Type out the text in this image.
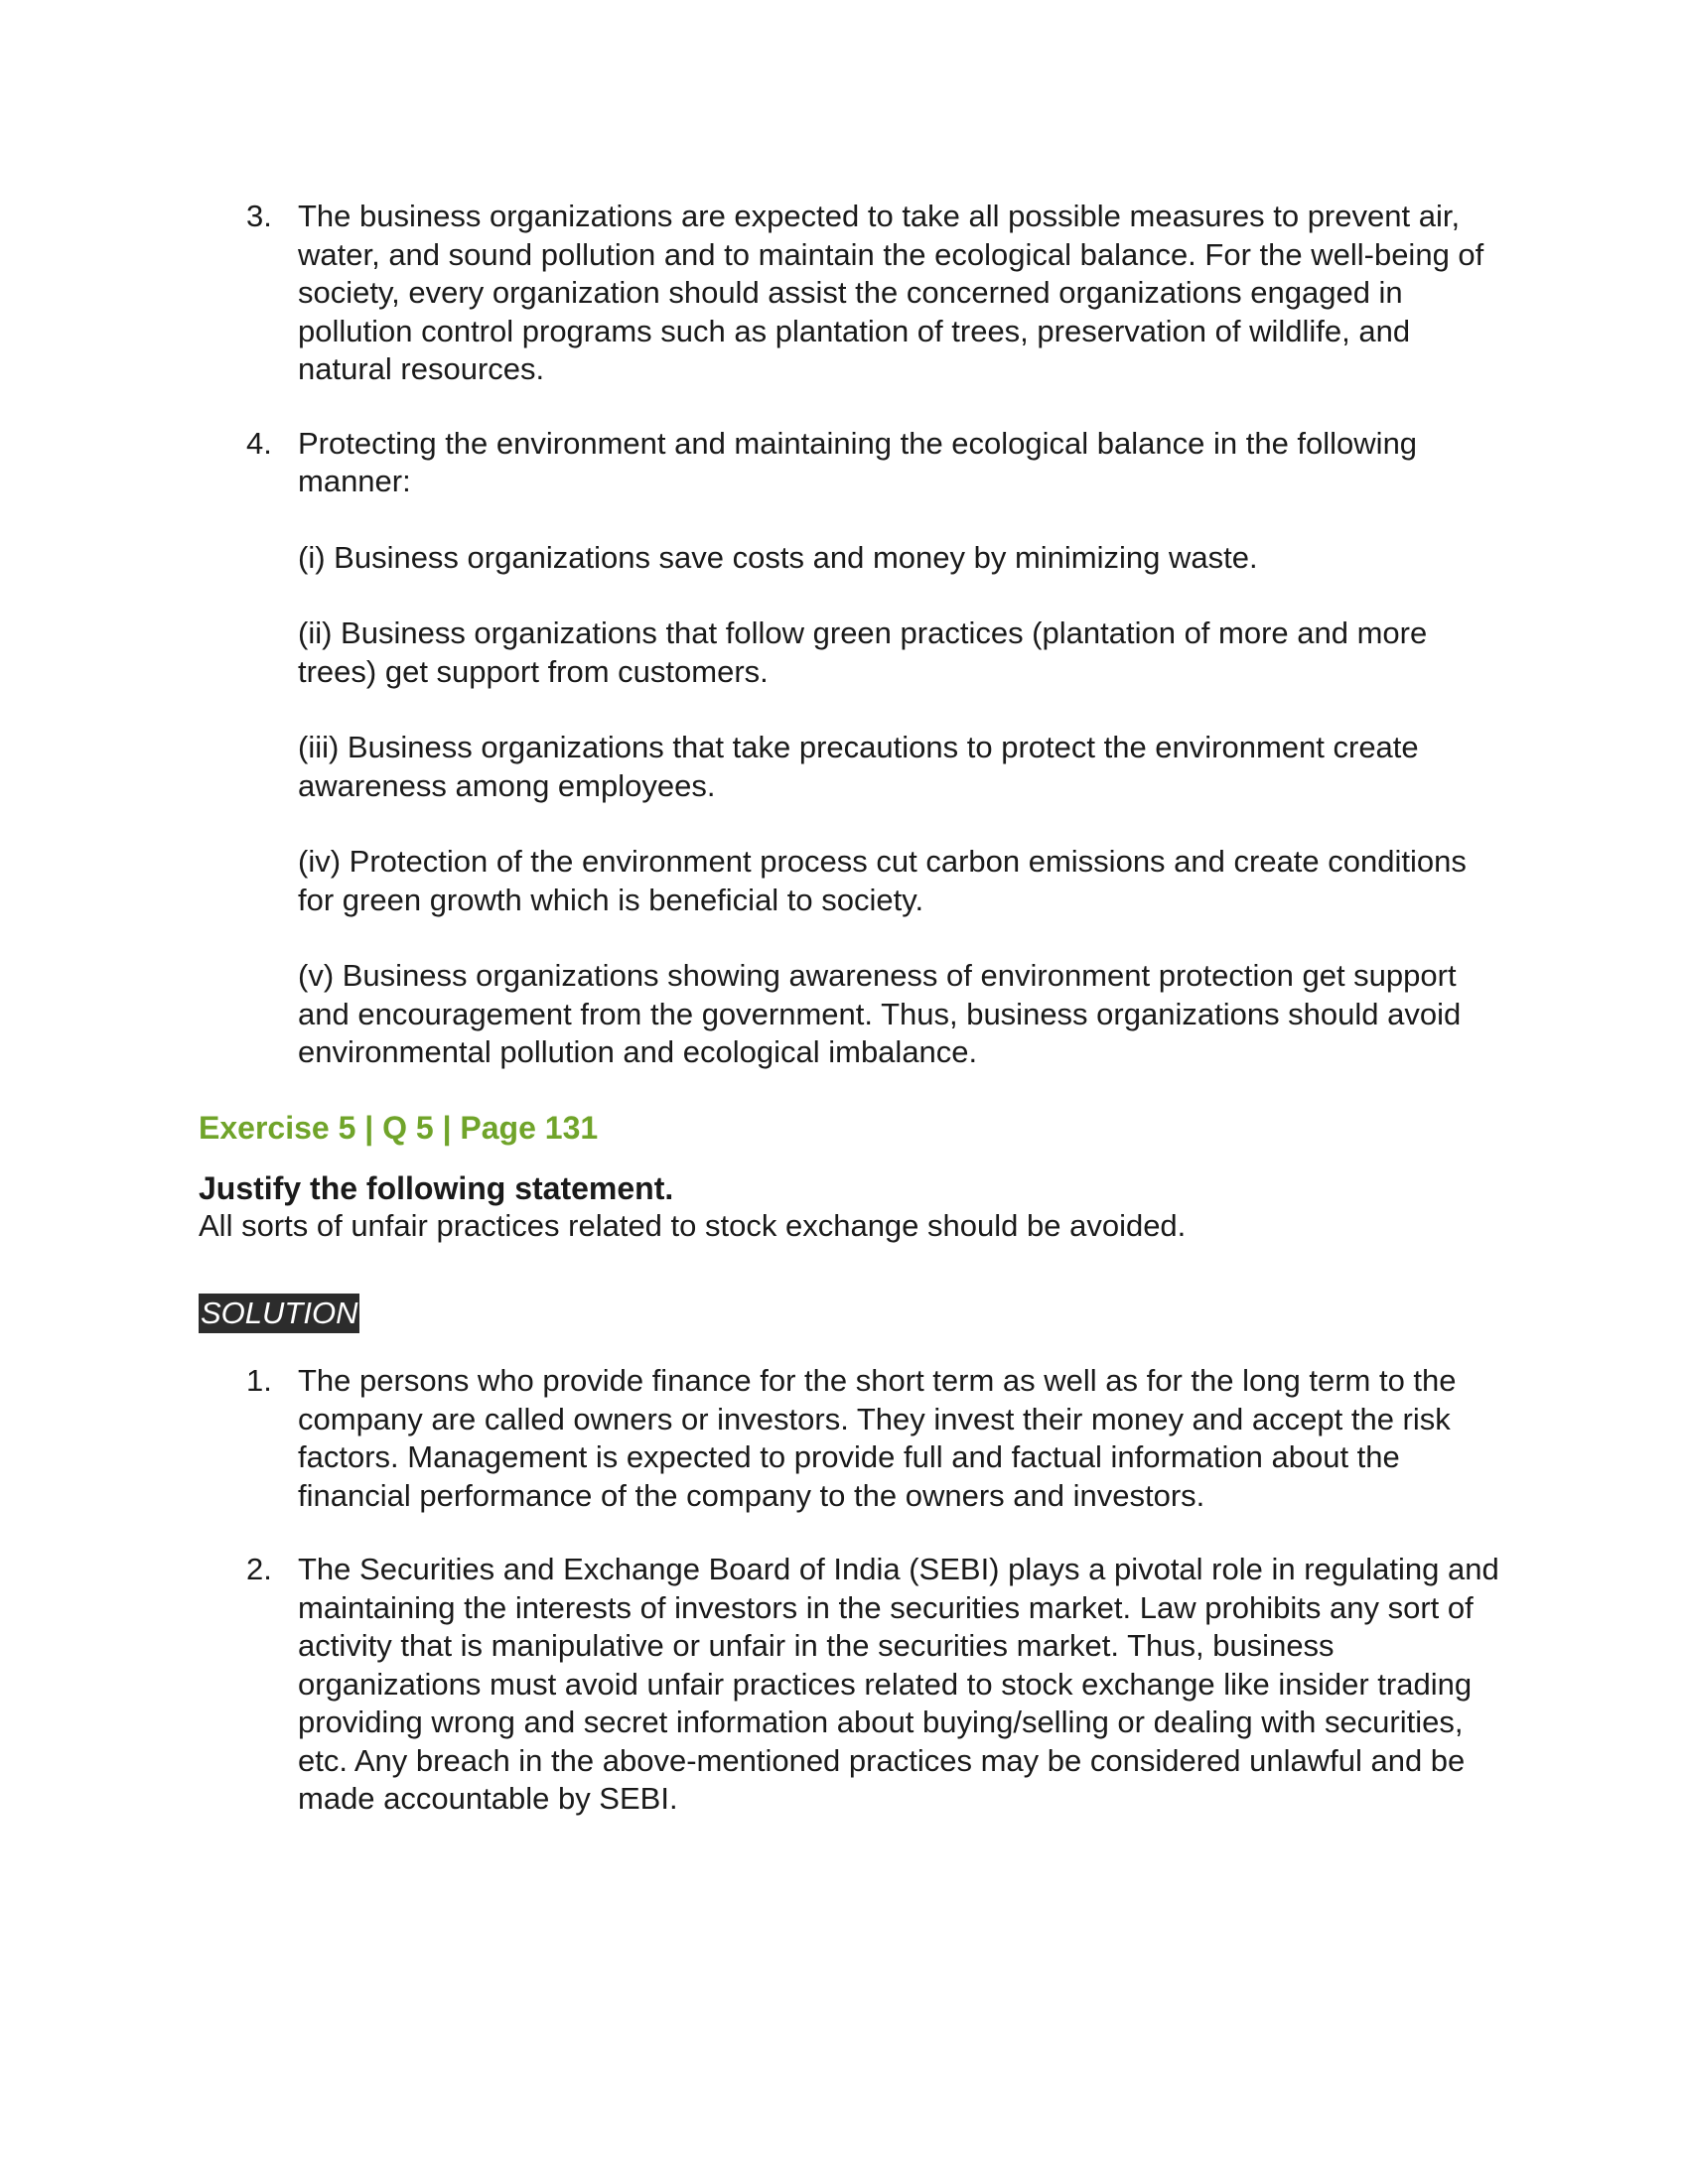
3. The business organizations are expected to take all possible measures to prevent air, water, and sound pollution and to maintain the ecological balance. For the well-being of society, every organization should assist the concerned organizations engaged in pollution control programs such as plantation of trees, preservation of wildlife, and natural resources.

4. Protecting the environment and maintaining the ecological balance in the following manner:

(i) Business organizations save costs and money by minimizing waste.

(ii) Business organizations that follow green practices (plantation of more and more trees) get support from customers.

(iii) Business organizations that take precautions to protect the environment create awareness among employees.

(iv) Protection of the environment process cut carbon emissions and create conditions for green growth which is beneficial to society.

(v) Business organizations showing awareness of environment protection get support and encouragement from the government. Thus, business organizations should avoid environmental pollution and ecological imbalance.

Exercise 5 | Q 5 | Page 131

Justify the following statement.

All sorts of unfair practices related to stock exchange should be avoided.

SOLUTION
1. The persons who provide finance for the short term as well as for the long term to the company are called owners or investors. They invest their money and accept the risk factors. Management is expected to provide full and factual information about the financial performance of the company to the owners and investors.

2. The Securities and Exchange Board of India (SEBI) plays a pivotal role in regulating and maintaining the interests of investors in the securities market. Law prohibits any sort of activity that is manipulative or unfair in the securities market. Thus, business organizations must avoid unfair practices related to stock exchange like insider trading providing wrong and secret information about buying/selling or dealing with securities, etc. Any breach in the above-mentioned practices may be considered unlawful and be made accountable by SEBI.
